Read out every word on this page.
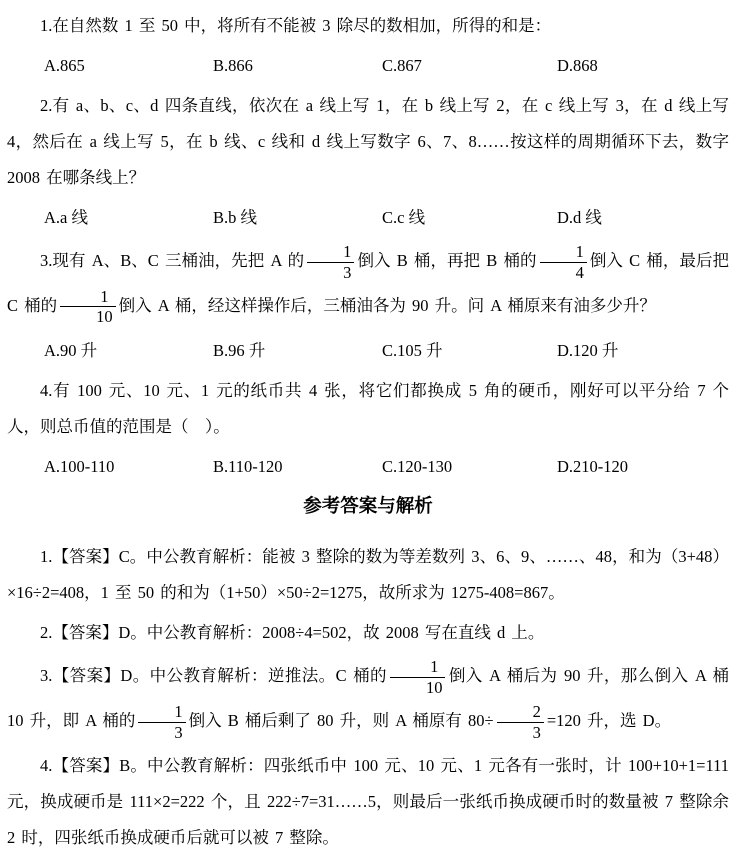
1.在自然数 1 至 50 中，将所有不能被 3 除尽的数相加，所得的和是：

A.865	B.866	C.867	D.868

2.有 a、b、c、d 四条直线，依次在 a 线上写 1，在 b 线上写 2，在 c 线上写 3，在 d 线上写 4，然后在 a 线上写 5，在 b 线、c 线和 d 线上写数字 6、7、8……按这样的周期循环下去，数字 2008 在哪条线上？

A.a 线	B.b 线	C.c 线	D.d 线

3.现有 A、B、C 三桶油，先把 A 的 $\frac{1}{3}$ 倒入 B 桶，再把 B 桶的 $\frac{1}{4}$ 倒入 C 桶，最后把 C 桶的 $\frac{1}{10}$ 倒入 A 桶，经这样操作后，三桶油各为 90 升。问 A 桶原来有油多少升？

A.90 升	B.96 升	C.105 升	D.120 升

4.有 100 元、10 元、1 元的纸币共 4 张，将它们都换成 5 角的硬币，刚好可以平分给 7 个人，则总币值的范围是（　）。

A.100-110	B.110-120	C.120-130	D.210-120
参考答案与解析

1.【答案】C。中公教育解析：能被 3 整除的数为等差数列 3、6、9、……、48，和为（3+48）×16÷2=408，1 至 50 的和为（1+50）×50÷2=1275，故所求为 1275-408=867。

2.【答案】D。中公教育解析：2008÷4=502，故 2008 写在直线 d 上。

3.【答案】D。中公教育解析：逆推法。C 桶的 $\frac{1}{10}$ 倒入 A 桶后为 90 升，那么倒入 A 桶 10 升，即 A 桶的 $\frac{1}{3}$ 倒入 B 桶后剩了 80 升，则 A 桶原有 $80\div \frac{2}{3} =120$ 升，选 D。

4.【答案】B。中公教育解析：四张纸币中 100 元、10 元、1 元各有一张时，计 100+10+1=111 元，换成硬币是 111×2=222 个，且 222÷7=31……5，则最后一张纸币换成硬币时的数量被 7 整除余 2 时，四张纸币换成硬币后就可以被 7 整除。
